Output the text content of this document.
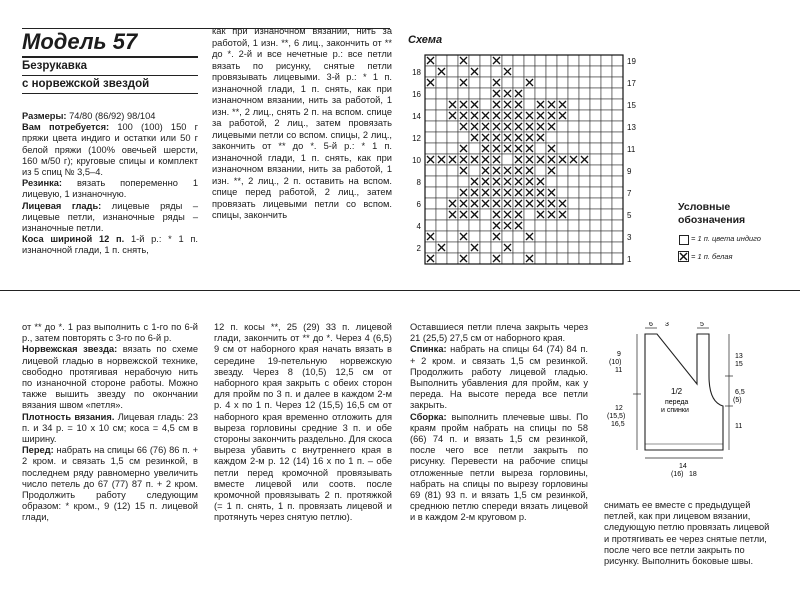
Модель 57
Безрукавка
с норвежской звездой

Размеры: 74/80 (86/92) 98/104

Вам потребуется: 100 (100) 150 г пряжи цвета индиго и остатки или 50 г белой пряжи (100% овечьей шерсти, 160 м/50 г); круговые спицы и комплект из 5 спиц № 3,5–4.

Резинка: вязать попеременно 1 лицевую, 1 изнаночную.

Лицевая гладь: лицевые ряды – лицевые петли, изнаночные ряды – изнаночные петли.

Коса шириной 12 п. 1-й р.: * 1 п. изнаночной глади, 1 п. снять,

как при изнаночном вязании, нить за работой, 1 изн. **, 6 лиц., закончить от ** до *. 2-й и все нечетные р.: все петли вязать по рисунку, снятые петли провязывать лицевыми. 3-й р.: * 1 п. изнаночной глади, 1 п. снять, как при изнаночном вязании, нить за работой, 1 изн. **, 2 лиц., снять 2 п. на вспом. спице за работой, 2 лиц., затем провязать лицевыми петли со вспом. спицы, 2 лиц., закончить от ** до *. 5-й р.: * 1 п. изнаночной глади, 1 п. снять, как при изнаночном вязании, нить за работой, 1 изн. **, 2 лиц., 2 п. оставить на вспом. спице перед работой, 2 лиц., затем провязать лицевыми петли со вспом. спицы, закончить

Схема
18
16
14
12
10
8
6
4
2
19
17
15
13
11
9
7
5
3
1
Условные
обозначения
= 1 п. цвета индиго
= 1 п. белая

от ** до *. 1 раз выполнить с 1-го по 6-й р., затем повторять с 3-го по 6-й р.

Норвежская звезда: вязать по схеме лицевой гладью в норвежской технике, свободно протягивая нерабочую нить по изнаночной стороне работы. Можно также вышить звезду по окончании вязания швом «петля».

Плотность вязания. Лицевая гладь: 23 п. и 34 р. = 10 х 10 см; коса = 4,5 см в ширину.

Перед: набрать на спицы 66 (76) 86 п. + 2 кром. и связать 1,5 см резинкой, в последнем ряду равномерно увеличить число петель до 67 (77) 87 п. + 2 кром. Продолжить работу следующим образом: * кром., 9 (12) 15 п. лицевой глади,

12 п. косы **, 25 (29) 33 п. лицевой глади, закончить от ** до *. Через 4 (6,5) 9 см от наборного края начать вязать в середине 19-петельную норвежскую звезду. Через 8 (10,5) 12,5 см от наборного края закрыть с обеих сторон для пройм по 3 п. и далее в каждом 2-м р. 4 х по 1 п. Через 12 (15,5) 16,5 см от наборного края временно отложить для выреза горловины средние 3 п. и обе стороны закончить раздельно. Для скоса выреза убавить с внутреннего края в каждом 2-м р. 12 (14) 16 х по 1 п. – обе петли перед кромочной провязывать вместе лицевой или соотв. после кромочной провязывать 2 п. протяжкой (= 1 п. снять, 1 п. провязать лицевой и протянуть через снятую петлю).

Оставшиеся петли плеча закрыть через 21 (25,5) 27,5 см от наборного края.

Спинка: набрать на спицы 64 (74) 84 п. + 2 кром. и связать 1,5 см резинкой. Продолжить работу лицевой гладью. Выполнить убавления для пройм, как у переда. На высоте переда все петли закрыть.

Сборка: выполнить плечевые швы. По краям пройм набрать на спицы по 58 (66) 74 п. и вязать 1,5 см резинкой, после чего все петли закрыть по рисунку. Перевести на рабочие спицы отложенные петли выреза горловины, набрать на спицы по вырезу горловины 69 (81) 93 п. и вязать 1,5 см резинкой, среднюю петлю спереди вязать лицевой и в каждом 2-м круговом р.

6 3	5
9
(10)
11
12
(15,5)
16,5
1/2
переда
и спинки
13
15
6,5
(5)
11
14
(16) 18

снимать ее вместе с предыдущей петлей, как при лицевом вязании, следующую петлю провязать лицевой и протягивать ее через снятые петли, после чего все петли закрыть по рисунку. Выполнить боковые швы.
